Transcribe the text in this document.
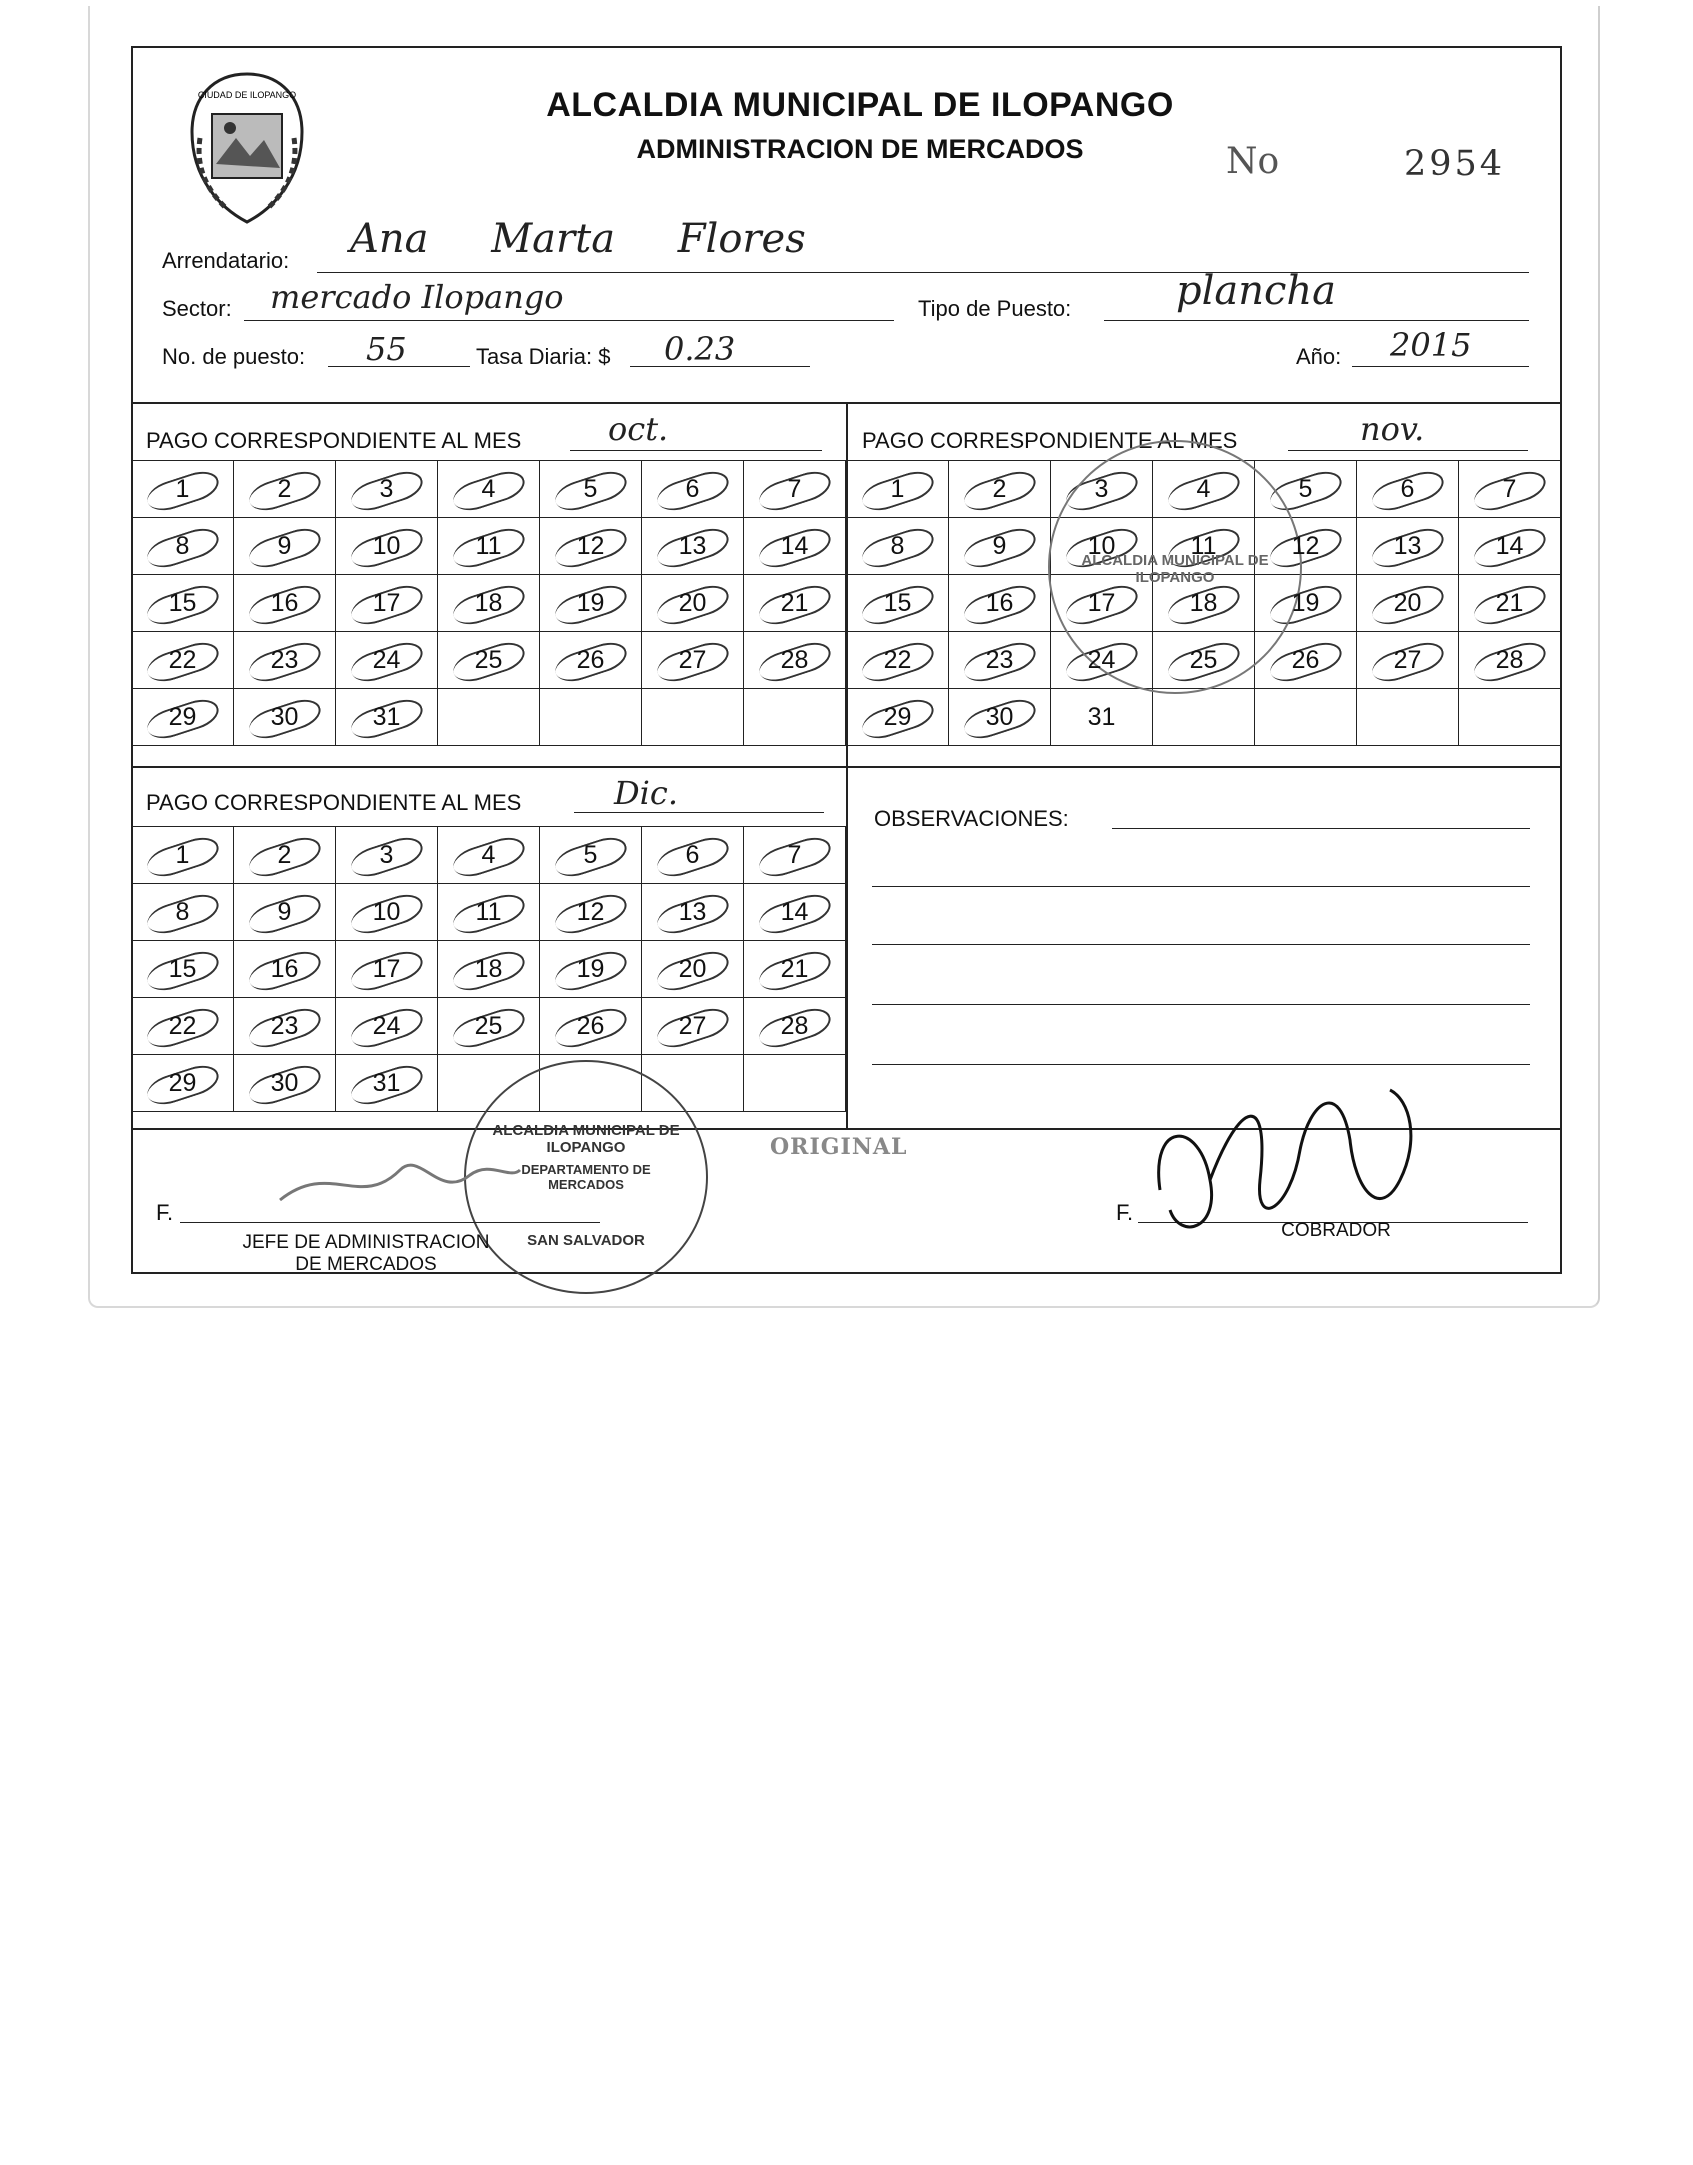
CIUDAD DE ILOPANGO	ALCALDIA MUNICIPAL DE ILOPANGO
ADMINISTRACION DE MERCADOS	No	2954
Arrendatario: Ana Marta Flores
Sector: mercado Ilopango	Tipo de Puesto:	plancha
No. de puesto: 55	Tasa Diaria: $ 0.23	Año: 2015
PAGO CORRESPONDIENTE AL MES	oct.
1	2	3	4	5	6	7
8	9	10	11	12	13	14
15	16	17	18	19	20	21
22	23	24	25	26	27	28
29	30	31				
PAGO CORRESPONDIENTE AL MES	nov.
1	2	3	4	5	6	7
8	9	10	11	12	13	14
15	16	17	18	19	20	21
22	23	24	25	26	27	28
29	30	31				
PAGO CORRESPONDIENTE AL MES	Dic.
1	2	3	4	5	6	7
8	9	10	11	12	13	14
15	16	17	18	19	20	21
22	23	24	25	26	27	28
29	30	31				
OBSERVACIONES:
ALCALDIA MUNICIPAL DE ILOPANGO
ALCALDIA MUNICIPAL DE ILOPANGO
DEPARTAMENTO DE MERCADOS
SAN SALVADOR
ORIGINAL
F.
JEFE DE ADMINISTRACION
DE MERCADOS
F.
COBRADOR
